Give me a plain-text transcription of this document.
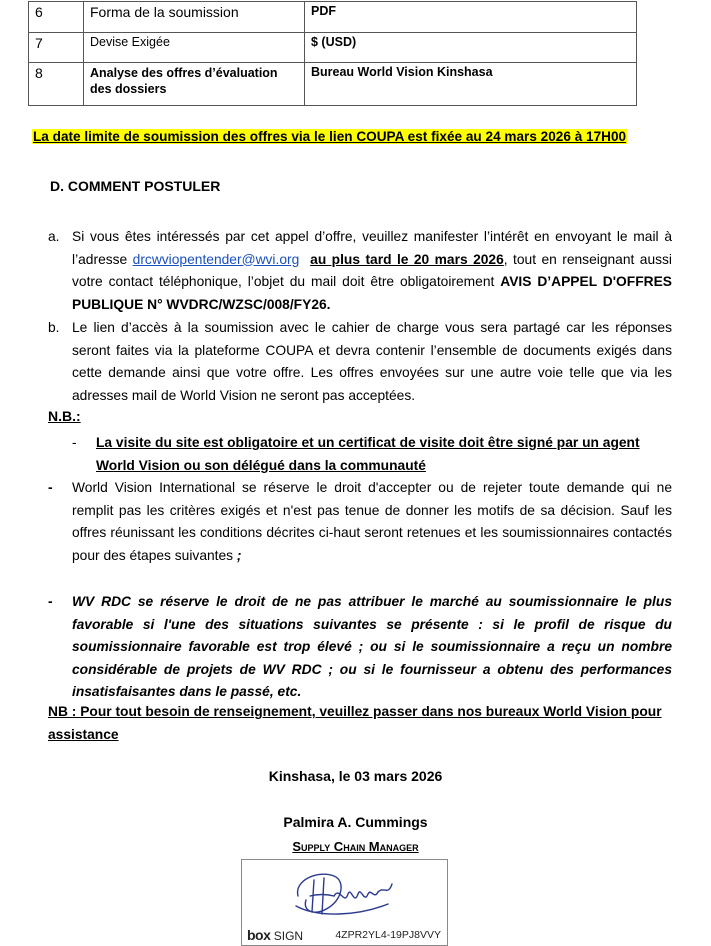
6	Forma de la soumission	PDF
7	Devise Exigée	$ (USD)
8	Analyse des offres d’évaluation des dossiers	Bureau World Vision Kinshasa
La date limite de soumission des offres via le lien COUPA est fixée au 24 mars 2026 à 17H00
D. COMMENT POSTULER
a. Si vous êtes intéressés par cet appel d’offre, veuillez manifester l’intérêt en envoyant le mail à l’adresse drcwviopentender@wvi.org au plus tard le 20 mars 2026, tout en renseignant aussi votre contact téléphonique, l’objet du mail doit être obligatoirement AVIS D’APPEL D'OFFRES PUBLIQUE N° WVDRC/WZSC/008/FY26.
b. Le lien d’accès à la soumission avec le cahier de charge vous sera partagé car les réponses seront faites via la plateforme COUPA et devra contenir l’ensemble de documents exigés dans cette demande ainsi que votre offre. Les offres envoyées sur une autre voie telle que via les adresses mail de World Vision ne seront pas acceptées.
N.B.:
- La visite du site est obligatoire et un certificat de visite doit être signé par un agent World Vision ou son délégué dans la communauté
- World Vision International se réserve le droit d'accepter ou de rejeter toute demande qui ne remplit pas les critères exigés et n'est pas tenue de donner les motifs de sa décision. Sauf les offres réunissant les conditions décrites ci-haut seront retenues et les soumissionnaires contactés pour des étapes suivantes ;
- WV RDC se réserve le droit de ne pas attribuer le marché au soumissionnaire le plus favorable si l'une des situations suivantes se présente : si le profil de risque du soumissionnaire favorable est trop élevé ; ou si le soumissionnaire a reçu un nombre considérable de projets de WV RDC ; ou si le fournisseur a obtenu des performances insatisfaisantes dans le passé, etc.
NB : Pour tout besoin de renseignement, veuillez passer dans nos bureaux World Vision pour assistance
Kinshasa, le 03 mars 2026
Palmira A. Cummings
Supply Chain Manager
box SIGN	4ZPR2YL4-19PJ8VVY
